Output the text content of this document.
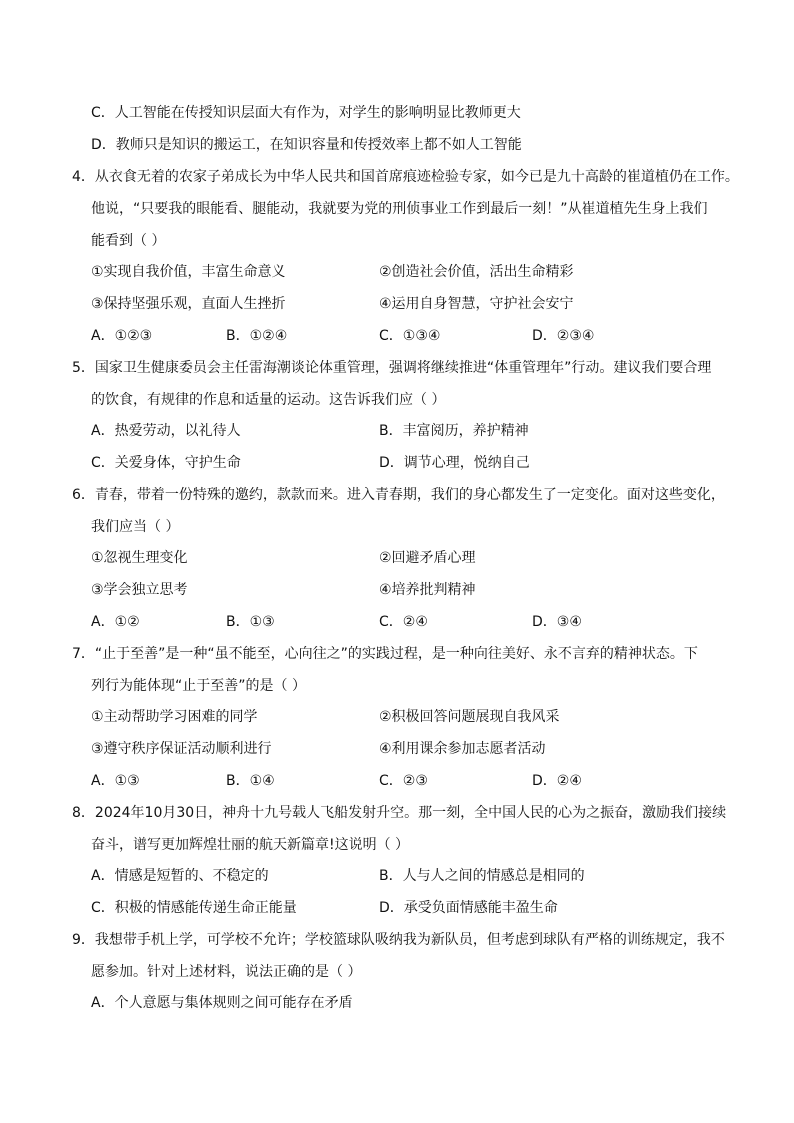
C．人工智能在传授知识层面大有作为，对学生的影响明显比教师更大
D．教师只是知识的搬运工，在知识容量和传授效率上都不如人工智能
4．从衣食无着的农家子弟成长为中华人民共和国首席痕迹检验专家，如今已是九十高龄的崔道植仍在工作。
他说，“只要我的眼能看、腿能动，我就要为党的刑侦事业工作到最后一刻！”从崔道植先生身上我们
能看到（ ）
①实现自我价值，丰富生命意义	②创造社会价值，活出生命精彩
③保持坚强乐观，直面人生挫折	④运用自身智慧，守护社会安宁
A．①②③	B．①②④	C．①③④	D．②③④
5．国家卫生健康委员会主任雷海潮谈论体重管理，强调将继续推进“体重管理年”行动。建议我们要合理
的饮食，有规律的作息和适量的运动。这告诉我们应（ ）
A．热爱劳动，以礼待人	B．丰富阅历，养护精神
C．关爱身体，守护生命	D．调节心理，悦纳自己
6．青春，带着一份特殊的邀约，款款而来。进入青春期，我们的身心都发生了一定变化。面对这些变化，
我们应当（ ）
①忽视生理变化	②回避矛盾心理
③学会独立思考	④培养批判精神
A．①②	B．①③	C．②④	D．③④
7．“止于至善”是一种“虽不能至，心向往之”的实践过程，是一种向往美好、永不言弃的精神状态。下
列行为能体现“止于至善”的是（ ）
①主动帮助学习困难的同学	②积极回答问题展现自我风采
③遵守秩序保证活动顺利进行	④利用课余参加志愿者活动
A．①③	B．①④	C．②③	D．②④
8．2024年10月30日，神舟十九号载人飞船发射升空。那一刻，全中国人民的心为之振奋，激励我们接续
奋斗，谱写更加辉煌壮丽的航天新篇章!这说明（ ）
A．情感是短暂的、不稳定的	B．人与人之间的情感总是相同的
C．积极的情感能传递生命正能量	D．承受负面情感能丰盈生命
9．我想带手机上学，可学校不允许；学校篮球队吸纳我为新队员，但考虑到球队有严格的训练规定，我不
愿参加。针对上述材料，说法正确的是（ ）
A．个人意愿与集体规则之间可能存在矛盾
